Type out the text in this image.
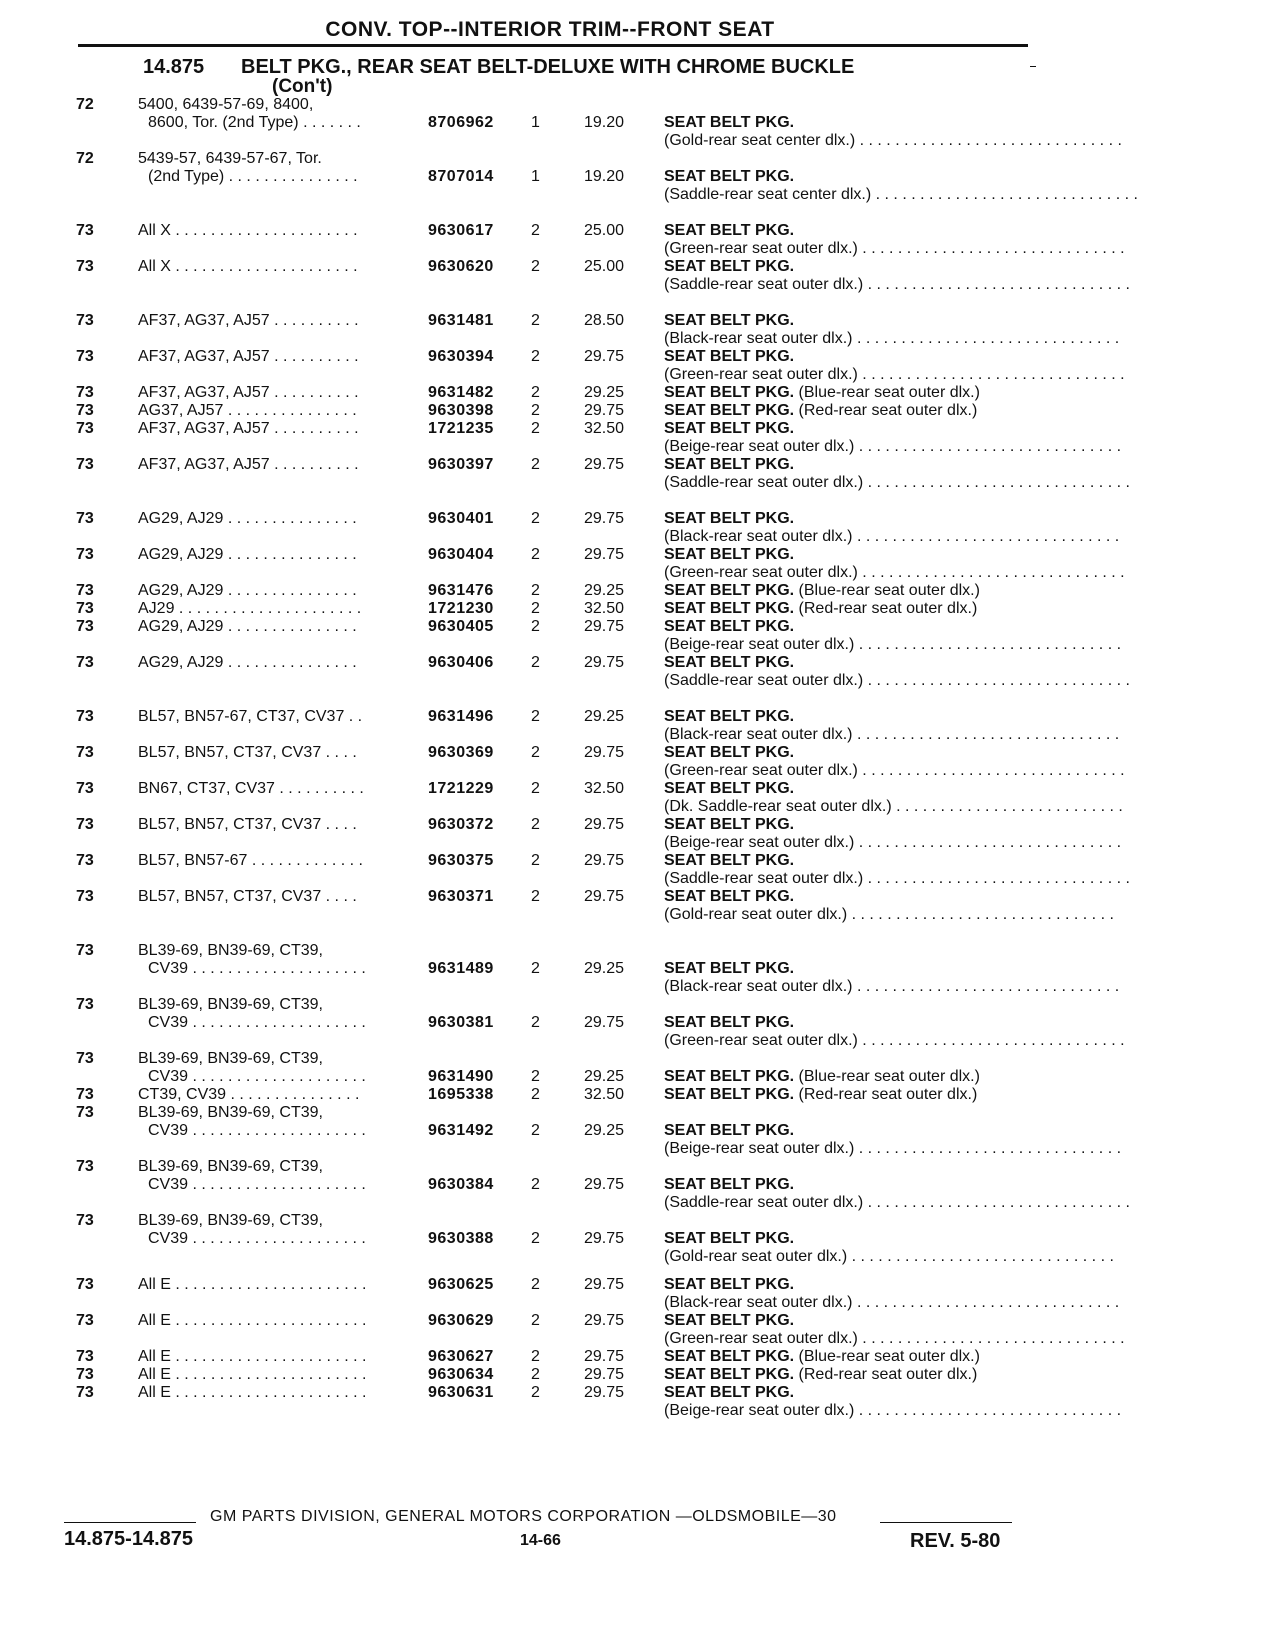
CONV. TOP--INTERIOR TRIM--FRONT SEAT
14.875 BELT PKG., REAR SEAT BELT-DELUXE WITH CHROME BUCKLE
(Con't)
72	5400, 6439-57-69, 8400,
8600, Tor. (2nd Type) . . . . . . .	8706962 1	19.20 SEAT BELT PKG. (Gold-rear seat center dlx.) . . . . . . . . . . . . . . . . . . . . . . . . . . . . . .
72	5439-57, 6439-57-67, Tor.
(2nd Type) . . . . . . . . . . . . . . .	8707014 1	19.20 SEAT BELT PKG. (Saddle-rear seat center dlx.) . . . . . . . . . . . . . . . . . . . . . . . . . . . . . .
73	All X . . . . . . . . . . . . . . . . . . . . .	9630617 2	25.00 SEAT BELT PKG. (Green-rear seat outer dlx.) . . . . . . . . . . . . . . . . . . . . . . . . . . . . . .
73	All X . . . . . . . . . . . . . . . . . . . . .	9630620 2	25.00 SEAT BELT PKG. (Saddle-rear seat outer dlx.) . . . . . . . . . . . . . . . . . . . . . . . . . . . . . .
73	AF37, AG37, AJ57 . . . . . . . . . .	9631481 2	28.50 SEAT BELT PKG. (Black-rear seat outer dlx.) . . . . . . . . . . . . . . . . . . . . . . . . . . . . . .
73	AF37, AG37, AJ57 . . . . . . . . . .	9630394 2	29.75 SEAT BELT PKG. (Green-rear seat outer dlx.) . . . . . . . . . . . . . . . . . . . . . . . . . . . . . .
73	AF37, AG37, AJ57 . . . . . . . . . .	9631482 2	29.25 SEAT BELT PKG. (Blue-rear seat outer dlx.)
73	AG37, AJ57 . . . . . . . . . . . . . . .	9630398 2	29.75 SEAT BELT PKG. (Red-rear seat outer dlx.)
73	AF37, AG37, AJ57 . . . . . . . . . .	1721235 2	32.50 SEAT BELT PKG. (Beige-rear seat outer dlx.) . . . . . . . . . . . . . . . . . . . . . . . . . . . . . .
73	AF37, AG37, AJ57 . . . . . . . . . .	9630397 2	29.75 SEAT BELT PKG. (Saddle-rear seat outer dlx.) . . . . . . . . . . . . . . . . . . . . . . . . . . . . . .
73	AG29, AJ29 . . . . . . . . . . . . . . .	9630401 2	29.75 SEAT BELT PKG. (Black-rear seat outer dlx.) . . . . . . . . . . . . . . . . . . . . . . . . . . . . . .
73	AG29, AJ29 . . . . . . . . . . . . . . .	9630404 2	29.75 SEAT BELT PKG. (Green-rear seat outer dlx.) . . . . . . . . . . . . . . . . . . . . . . . . . . . . . .
73	AG29, AJ29 . . . . . . . . . . . . . . .	9631476 2	29.25 SEAT BELT PKG. (Blue-rear seat outer dlx.)
73	AJ29 . . . . . . . . . . . . . . . . . . . . .	1721230 2	32.50 SEAT BELT PKG. (Red-rear seat outer dlx.)
73	AG29, AJ29 . . . . . . . . . . . . . . .	9630405 2	29.75 SEAT BELT PKG. (Beige-rear seat outer dlx.) . . . . . . . . . . . . . . . . . . . . . . . . . . . . . .
73	AG29, AJ29 . . . . . . . . . . . . . . .	9630406 2	29.75 SEAT BELT PKG. (Saddle-rear seat outer dlx.) . . . . . . . . . . . . . . . . . . . . . . . . . . . . . .
73	BL57, BN57-67, CT37, CV37 . .	9631496 2	29.25 SEAT BELT PKG. (Black-rear seat outer dlx.) . . . . . . . . . . . . . . . . . . . . . . . . . . . . . .
73	BL57, BN57, CT37, CV37 . . . .	9630369 2	29.75 SEAT BELT PKG. (Green-rear seat outer dlx.) . . . . . . . . . . . . . . . . . . . . . . . . . . . . . .
73	BN67, CT37, CV37 . . . . . . . . . .	1721229 2	32.50 SEAT BELT PKG. (Dk. Saddle-rear seat outer dlx.) . . . . . . . . . . . . . . . . . . . . . . . . . .
73	BL57, BN57, CT37, CV37 . . . .	9630372 2	29.75 SEAT BELT PKG. (Beige-rear seat outer dlx.) . . . . . . . . . . . . . . . . . . . . . . . . . . . . . .
73	BL57, BN57-67 . . . . . . . . . . . . .	9630375 2	29.75 SEAT BELT PKG. (Saddle-rear seat outer dlx.) . . . . . . . . . . . . . . . . . . . . . . . . . . . . . .
73	BL57, BN57, CT37, CV37 . . . .	9630371 2	29.75 SEAT BELT PKG. (Gold-rear seat outer dlx.) . . . . . . . . . . . . . . . . . . . . . . . . . . . . . .
73	BL39-69, BN39-69, CT39,
CV39 . . . . . . . . . . . . . . . . . . . .	9631489 2	29.25 SEAT BELT PKG. (Black-rear seat outer dlx.) . . . . . . . . . . . . . . . . . . . . . . . . . . . . . .
73	BL39-69, BN39-69, CT39,
CV39 . . . . . . . . . . . . . . . . . . . .	9630381 2	29.75 SEAT BELT PKG. (Green-rear seat outer dlx.) . . . . . . . . . . . . . . . . . . . . . . . . . . . . . .
73	BL39-69, BN39-69, CT39,
CV39 . . . . . . . . . . . . . . . . . . . .	9631490 2	29.25 SEAT BELT PKG. (Blue-rear seat outer dlx.)
73	CT39, CV39 . . . . . . . . . . . . . . .	1695338 2	32.50 SEAT BELT PKG. (Red-rear seat outer dlx.)
73	BL39-69, BN39-69, CT39,
CV39 . . . . . . . . . . . . . . . . . . . .	9631492 2	29.25 SEAT BELT PKG. (Beige-rear seat outer dlx.) . . . . . . . . . . . . . . . . . . . . . . . . . . . . . .
73	BL39-69, BN39-69, CT39,
CV39 . . . . . . . . . . . . . . . . . . . .	9630384 2	29.75 SEAT BELT PKG. (Saddle-rear seat outer dlx.) . . . . . . . . . . . . . . . . . . . . . . . . . . . . . .
73	BL39-69, BN39-69, CT39,
CV39 . . . . . . . . . . . . . . . . . . . .	9630388 2	29.75 SEAT BELT PKG. (Gold-rear seat outer dlx.) . . . . . . . . . . . . . . . . . . . . . . . . . . . . . .
73	All E . . . . . . . . . . . . . . . . . . . . . .	9630625 2	29.75 SEAT BELT PKG. (Black-rear seat outer dlx.) . . . . . . . . . . . . . . . . . . . . . . . . . . . . . .
73	All E . . . . . . . . . . . . . . . . . . . . . .	9630629 2	29.75 SEAT BELT PKG. (Green-rear seat outer dlx.) . . . . . . . . . . . . . . . . . . . . . . . . . . . . . .
73	All E . . . . . . . . . . . . . . . . . . . . . .	9630627 2	29.75 SEAT BELT PKG. (Blue-rear seat outer dlx.)
73	All E . . . . . . . . . . . . . . . . . . . . . .	9630634 2	29.75 SEAT BELT PKG. (Red-rear seat outer dlx.)
73	All E . . . . . . . . . . . . . . . . . . . . . .	9630631 2	29.75 SEAT BELT PKG. (Beige-rear seat outer dlx.) . . . . . . . . . . . . . . . . . . . . . . . . . . . . . .
GM PARTS DIVISION, GENERAL MOTORS CORPORATION —OLDSMOBILE—30
14.875-14.875	14-66	REV. 5-80
